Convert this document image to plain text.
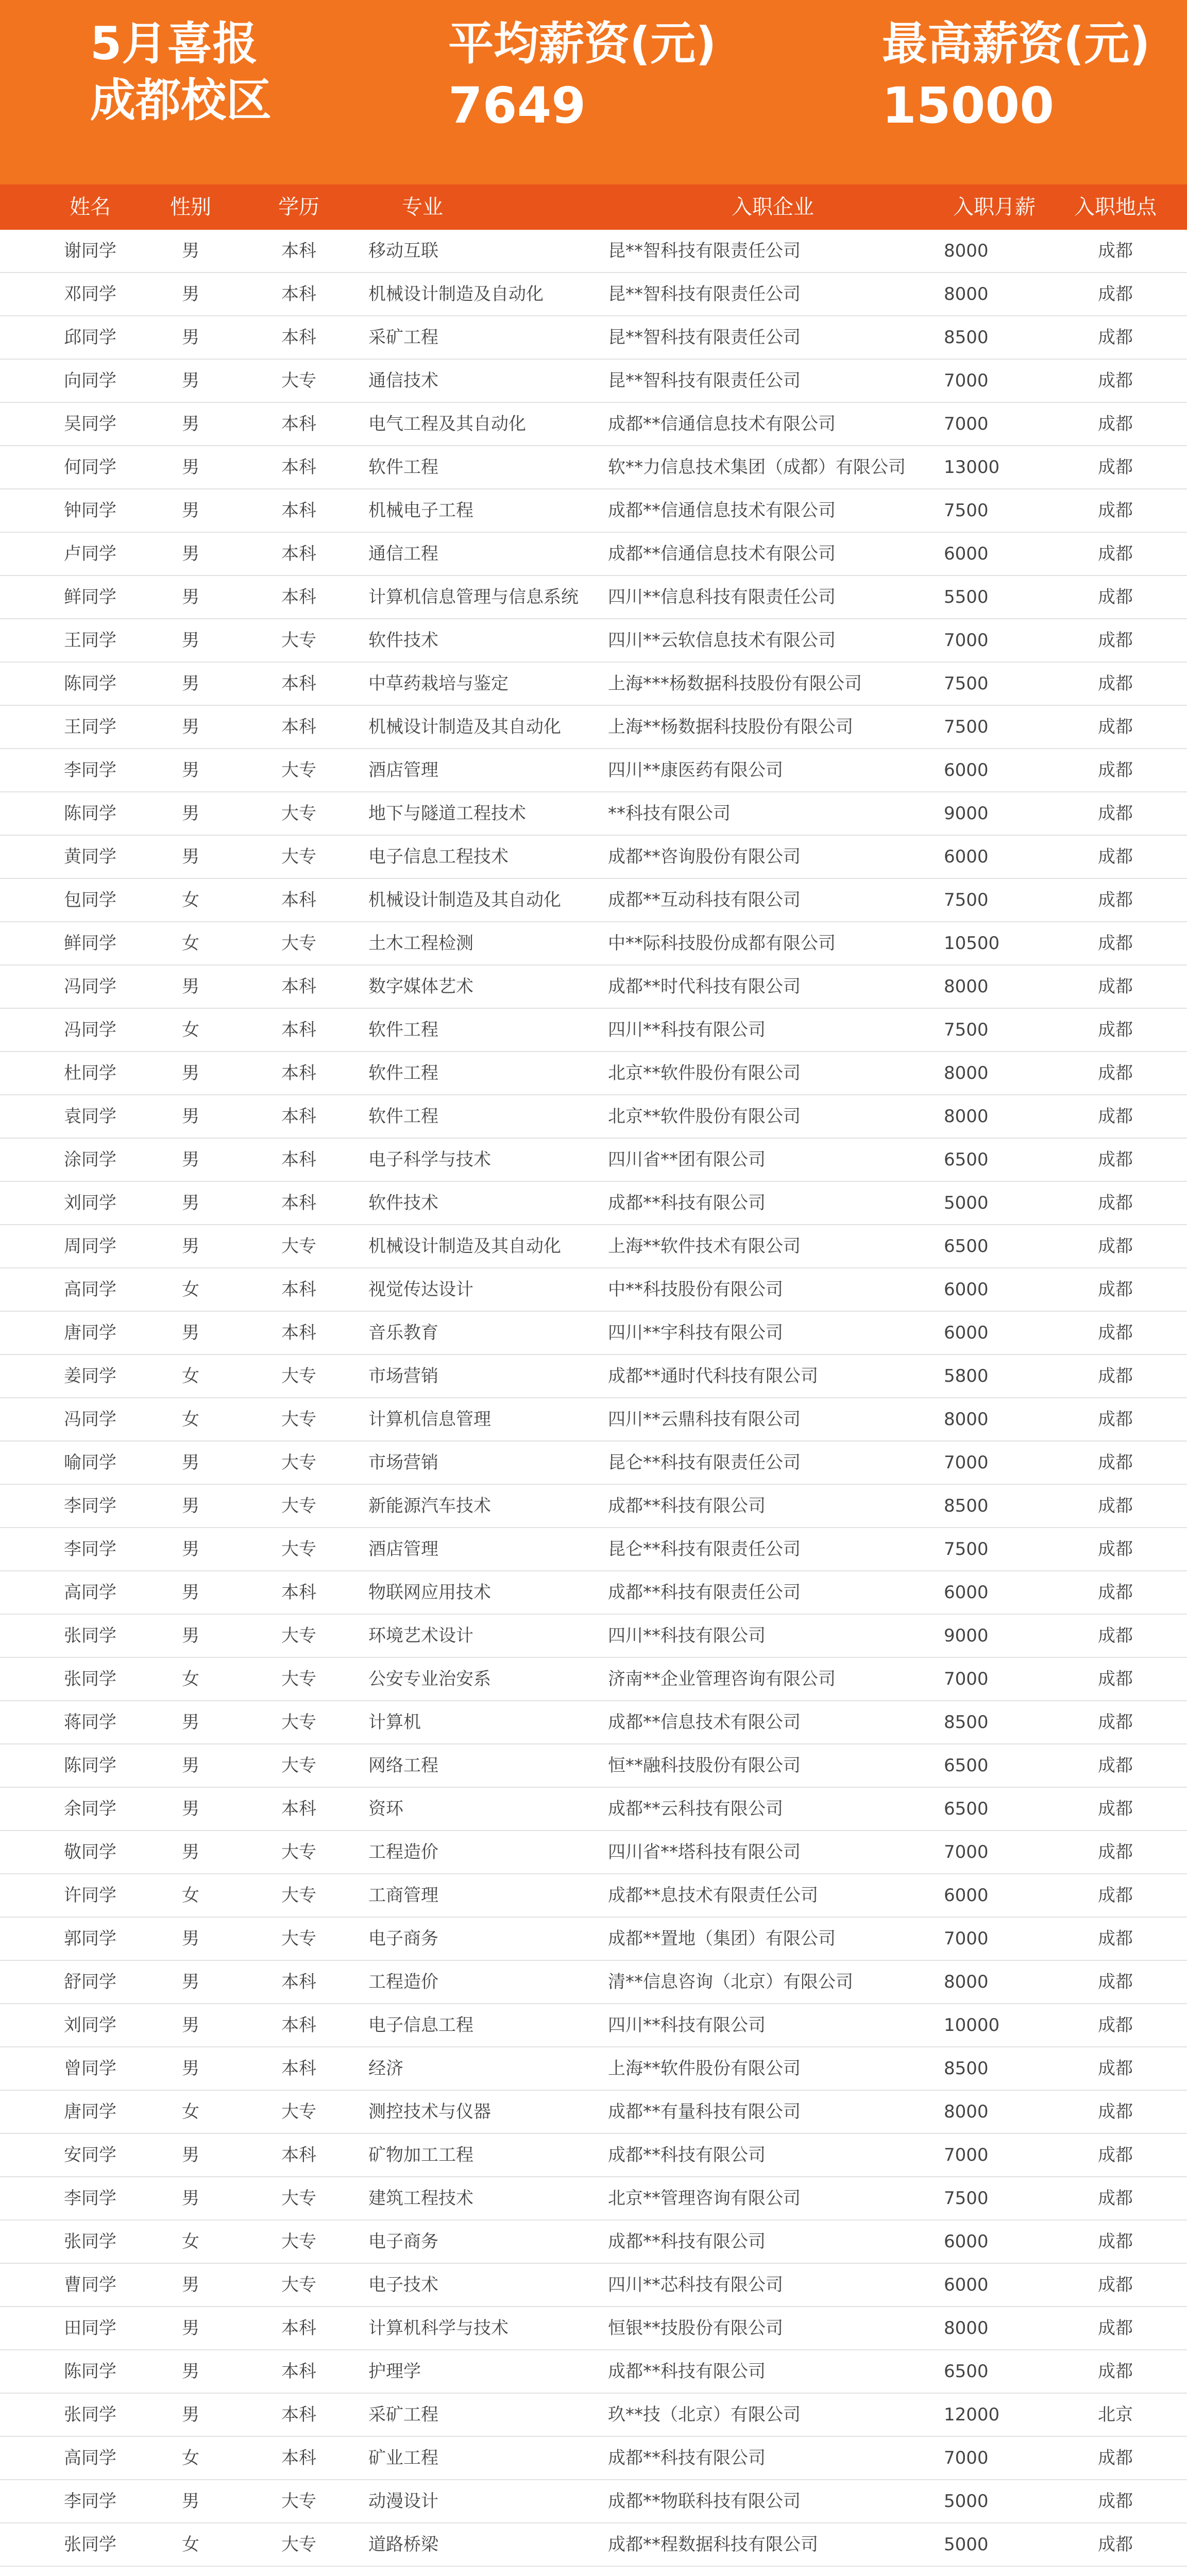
5月喜报
成都校区
平均薪资(元)
7649
最高薪资(元)
15000
姓名	性别	学历	专业	入职企业	入职月薪	入职地点
谢同学	男	本科	移动互联	昆**智科技有限责任公司	8000	成都
邓同学	男	本科	机械设计制造及自动化	昆**智科技有限责任公司	8000	成都
邱同学	男	本科	采矿工程	昆**智科技有限责任公司	8500	成都
向同学	男	大专	通信技术	昆**智科技有限责任公司	7000	成都
吴同学	男	本科	电气工程及其自动化	成都**信通信息技术有限公司	7000	成都
何同学	男	本科	软件工程	软**力信息技术集团（成都）有限公司	13000	成都
钟同学	男	本科	机械电子工程	成都**信通信息技术有限公司	7500	成都
卢同学	男	本科	通信工程	成都**信通信息技术有限公司	6000	成都
鲜同学	男	本科	计算机信息管理与信息系统	四川**信息科技有限责任公司	5500	成都
王同学	男	大专	软件技术	四川**云软信息技术有限公司	7000	成都
陈同学	男	本科	中草药栽培与鉴定	上海***杨数据科技股份有限公司	7500	成都
王同学	男	本科	机械设计制造及其自动化	上海**杨数据科技股份有限公司	7500	成都
李同学	男	大专	酒店管理	四川**康医药有限公司	6000	成都
陈同学	男	大专	地下与隧道工程技术	**科技有限公司	9000	成都
黄同学	男	大专	电子信息工程技术	成都**咨询股份有限公司	6000	成都
包同学	女	本科	机械设计制造及其自动化	成都**互动科技有限公司	7500	成都
鲜同学	女	大专	土木工程检测	中**际科技股份成都有限公司	10500	成都
冯同学	男	本科	数字媒体艺术	成都**时代科技有限公司	8000	成都
冯同学	女	本科	软件工程	四川**科技有限公司	7500	成都
杜同学	男	本科	软件工程	北京**软件股份有限公司	8000	成都
袁同学	男	本科	软件工程	北京**软件股份有限公司	8000	成都
涂同学	男	本科	电子科学与技术	四川省**团有限公司	6500	成都
刘同学	男	本科	软件技术	成都**科技有限公司	5000	成都
周同学	男	大专	机械设计制造及其自动化	上海**软件技术有限公司	6500	成都
高同学	女	本科	视觉传达设计	中**科技股份有限公司	6000	成都
唐同学	男	本科	音乐教育	四川**宇科技有限公司	6000	成都
姜同学	女	大专	市场营销	成都**通时代科技有限公司	5800	成都
冯同学	女	大专	计算机信息管理	四川**云鼎科技有限公司	8000	成都
喻同学	男	大专	市场营销	昆仑**科技有限责任公司	7000	成都
李同学	男	大专	新能源汽车技术	成都**科技有限公司	8500	成都
李同学	男	大专	酒店管理	昆仑**科技有限责任公司	7500	成都
高同学	男	本科	物联网应用技术	成都**科技有限责任公司	6000	成都
张同学	男	大专	环境艺术设计	四川**科技有限公司	9000	成都
张同学	女	大专	公安专业治安系	济南**企业管理咨询有限公司	7000	成都
蒋同学	男	大专	计算机	成都**信息技术有限公司	8500	成都
陈同学	男	大专	网络工程	恒**融科技股份有限公司	6500	成都
余同学	男	本科	资环	成都**云科技有限公司	6500	成都
敬同学	男	大专	工程造价	四川省**塔科技有限公司	7000	成都
许同学	女	大专	工商管理	成都**息技术有限责任公司	6000	成都
郭同学	男	大专	电子商务	成都**置地（集团）有限公司	7000	成都
舒同学	男	本科	工程造价	清**信息咨询（北京）有限公司	8000	成都
刘同学	男	本科	电子信息工程	四川**科技有限公司	10000	成都
曾同学	男	本科	经济	上海**软件股份有限公司	8500	成都
唐同学	女	大专	测控技术与仪器	成都**有量科技有限公司	8000	成都
安同学	男	本科	矿物加工工程	成都**科技有限公司	7000	成都
李同学	男	大专	建筑工程技术	北京**管理咨询有限公司	7500	成都
张同学	女	大专	电子商务	成都**科技有限公司	6000	成都
曹同学	男	大专	电子技术	四川**芯科技有限公司	6000	成都
田同学	男	本科	计算机科学与技术	恒银**技股份有限公司	8000	成都
陈同学	男	本科	护理学	成都**科技有限公司	6500	成都
张同学	男	本科	采矿工程	玖**技（北京）有限公司	12000	北京
高同学	女	本科	矿业工程	成都**科技有限公司	7000	成都
李同学	男	大专	动漫设计	成都**物联科技有限公司	5000	成都
张同学	女	大专	道路桥梁	成都**程数据科技有限公司	5000	成都
